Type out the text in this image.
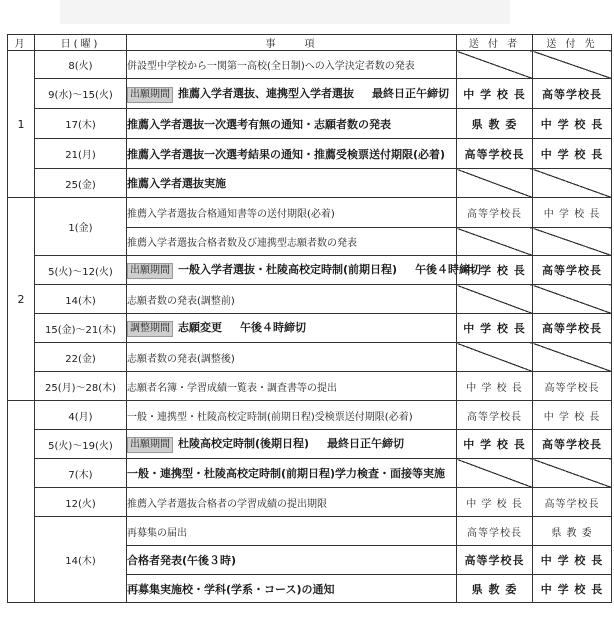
月	日(曜)	事　　項	送 付 者	送 付 先
1	8(火)	併設型中学校から一関第一高校(全日制)への入学決定者数の発表		
	9(水)～15(火)	出願期間 推薦入学者選抜、連携型入学者選抜 最終日正午締切	中 学 校 長	高等学校長
	17(木)	推薦入学者選抜一次選考有無の通知・志願者数の発表	県 教 委	中 学 校 長
	21(月)	推薦入学者選抜一次選考結果の通知・推薦受検票送付期限(必着)	高等学校長	中 学 校 長
	25(金)	推薦入学者選抜実施		
2	1(金)	推薦入学者選抜合格通知書等の送付期限(必着)	高等学校長	中 学 校 長
		推薦入学者選抜合格者数及び連携型志願者数の発表		
	5(火)～12(火)	出願期間 一般入学者選抜・杜陵高校定時制(前期日程) 午後４時締切	中 学 校 長	高等学校長
	14(木)	志願者数の発表(調整前)		
	15(金)～21(木)	調整期間 志願変更 午後４時締切	中 学 校 長	高等学校長
	22(金)	志願者数の発表(調整後)		
	25(月)～28(木)	志願者名簿・学習成績一覧表・調査書等の提出	中 学 校 長	高等学校長
	4(月)	一般・連携型・杜陵高校定時制(前期日程)受検票送付期限(必着)	高等学校長	中 学 校 長
	5(火)～19(火)	出願期間 杜陵高校定時制(後期日程) 最終日正午締切	中 学 校 長	高等学校長
	7(木)	一般・連携型・杜陵高校定時制(前期日程)学力検査・面接等実施		
	12(火)	推薦入学者選抜合格者の学習成績の提出期限	中 学 校 長	高等学校長
	14(木)	再募集の届出	高等学校長	県 教 委
		合格者発表(午後３時)	高等学校長	中 学 校 長
		再募集実施校・学科(学系・コース)の通知	県 教 委	中 学 校 長
